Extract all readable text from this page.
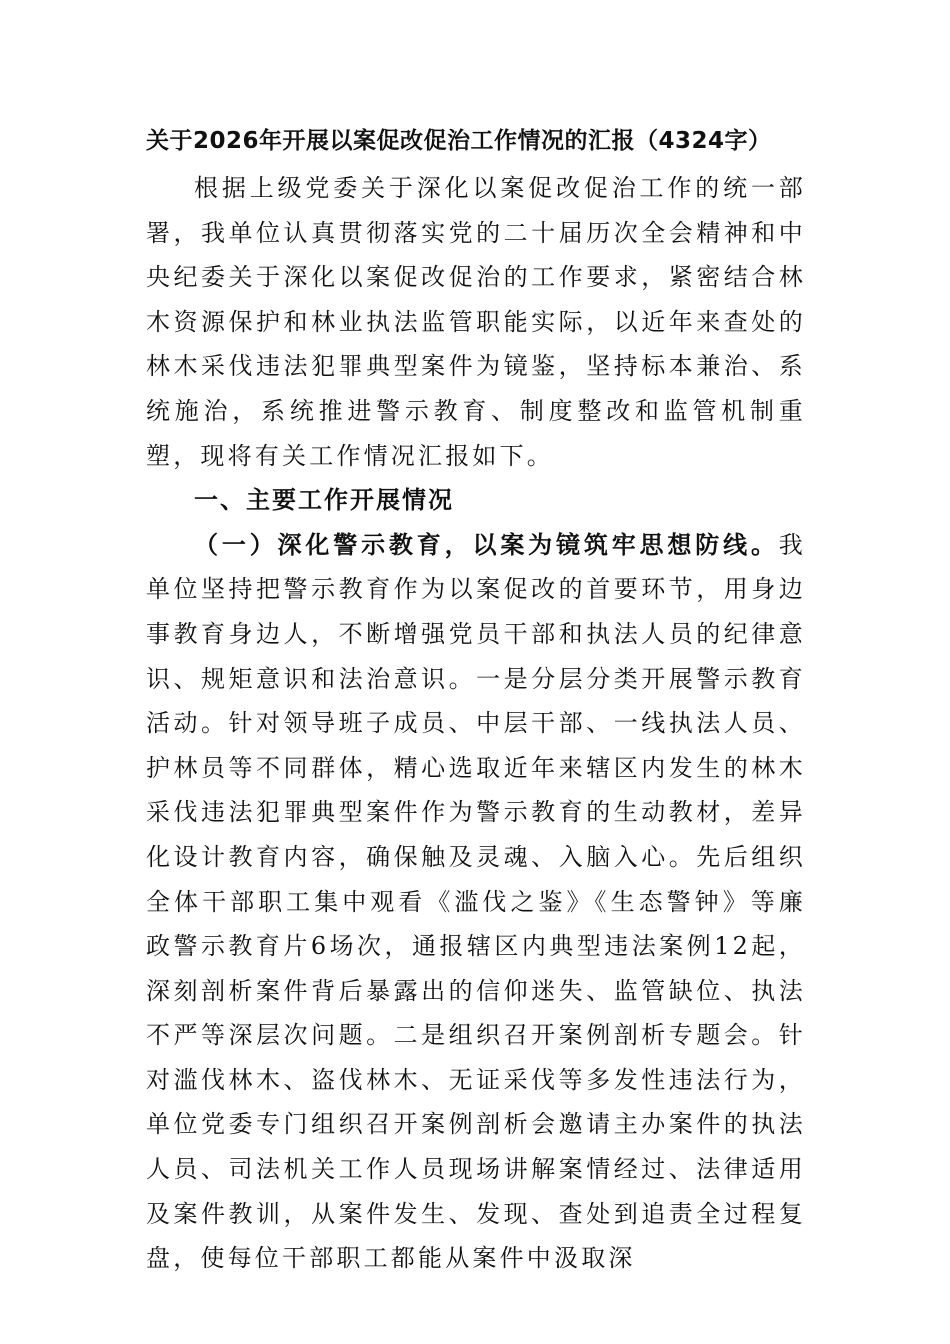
关于2026年开展以案促改促治工作情况的汇报（4324字）

根据上级党委关于深化以案促改促治工作的统一部署，我单位认真贯彻落实党的二十届历次全会精神和中央纪委关于深化以案促改促治的工作要求，紧密结合林木资源保护和林业执法监管职能实际，以近年来查处的林木采伐违法犯罪典型案件为镜鉴，坚持标本兼治、系统施治，系统推进警示教育、制度整改和监管机制重塑，现将有关工作情况汇报如下。

一、主要工作开展情况

（一）深化警示教育，以案为镜筑牢思想防线。我单位坚持把警示教育作为以案促改的首要环节，用身边事教育身边人，不断增强党员干部和执法人员的纪律意识、规矩意识和法治意识。一是分层分类开展警示教育活动。针对领导班子成员、中层干部、一线执法人员、护林员等不同群体，精心选取近年来辖区内发生的林木采伐违法犯罪典型案件作为警示教育的生动教材，差异化设计教育内容，确保触及灵魂、入脑入心。先后组织全体干部职工集中观看《滥伐之鉴》《生态警钟》等廉政警示教育片6场次，通报辖区内典型违法案例12起，深刻剖析案件背后暴露出的信仰迷失、监管缺位、执法不严等深层次问题。二是组织召开案例剖析专题会。针对滥伐林木、盗伐林木、无证采伐等多发性违法行为，单位党委专门组织召开案例剖析会邀请主办案件的执法人员、司法机关工作人员现场讲解案情经过、法律适用及案件教训，从案件发生、发现、查处到追责全过程复盘，使每位干部职工都能从案件中汲取深
